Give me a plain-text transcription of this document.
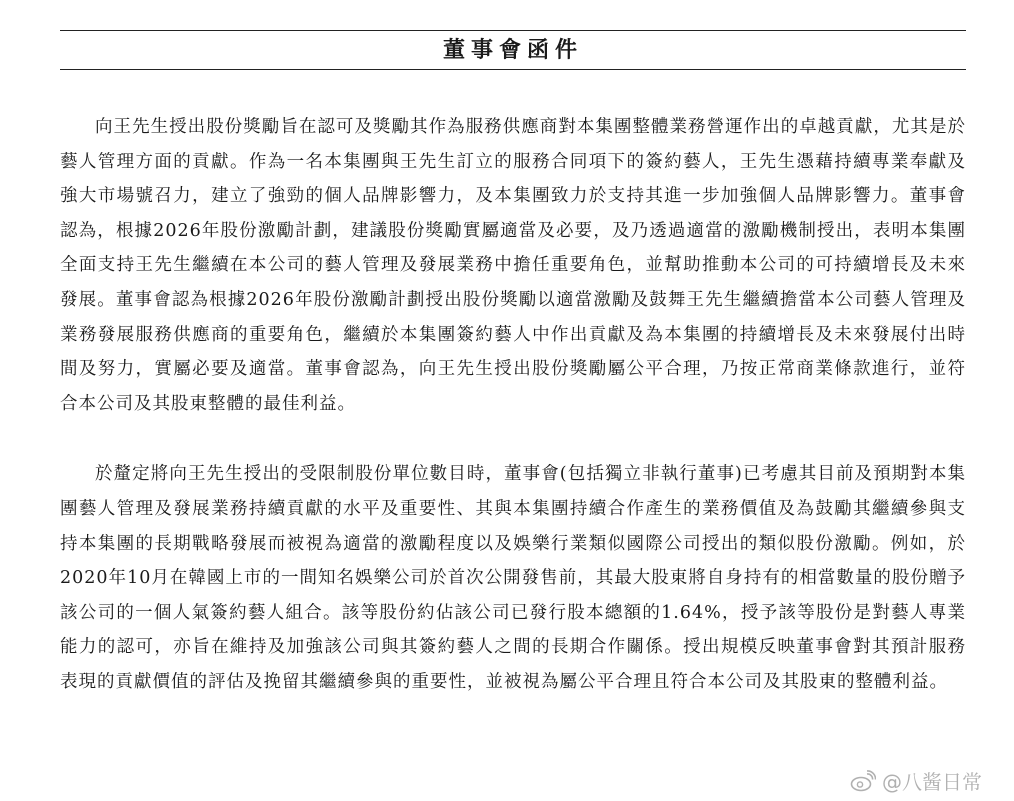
董事會函件

向王先生授出股份獎勵旨在認可及獎勵其作為服務供應商對本集團整體業務營運作出的卓越貢獻，尤其是於藝人管理方面的貢獻。作為一名本集團與王先生訂立的服務合同項下的簽約藝人，王先生憑藉持續專業奉獻及強大市場號召力，建立了強勁的個人品牌影響力，及本集團致力於支持其進一步加強個人品牌影響力。董事會認為，根據2026年股份激勵計劃，建議股份獎勵實屬適當及必要，及乃透過適當的激勵機制授出，表明本集團全面支持王先生繼續在本公司的藝人管理及發展業務中擔任重要角色，並幫助推動本公司的可持續增長及未來發展。董事會認為根據2026年股份激勵計劃授出股份獎勵以適當激勵及鼓舞王先生繼續擔當本公司藝人管理及業務發展服務供應商的重要角色，繼續於本集團簽約藝人中作出貢獻及為本集團的持續增長及未來發展付出時間及努力，實屬必要及適當。董事會認為，向王先生授出股份獎勵屬公平合理，乃按正常商業條款進行，並符合本公司及其股東整體的最佳利益。

於釐定將向王先生授出的受限制股份單位數目時，董事會(包括獨立非執行董事)已考慮其目前及預期對本集團藝人管理及發展業務持續貢獻的水平及重要性、其與本集團持續合作產生的業務價值及為鼓勵其繼續參與支持本集團的長期戰略發展而被視為適當的激勵程度以及娛樂行業類似國際公司授出的類似股份激勵。例如，於2020年10月在韓國上市的一間知名娛樂公司於首次公開發售前，其最大股東將自身持有的相當數量的股份贈予該公司的一個人氣簽約藝人組合。該等股份約佔該公司已發行股本總額的1.64%，授予該等股份是對藝人專業能力的認可，亦旨在維持及加強該公司與其簽約藝人之間的長期合作關係。授出規模反映董事會對其預計服務表現的貢獻價值的評估及挽留其繼續參與的重要性，並被視為屬公平合理且符合本公司及其股東的整體利益。

@八酱日常
